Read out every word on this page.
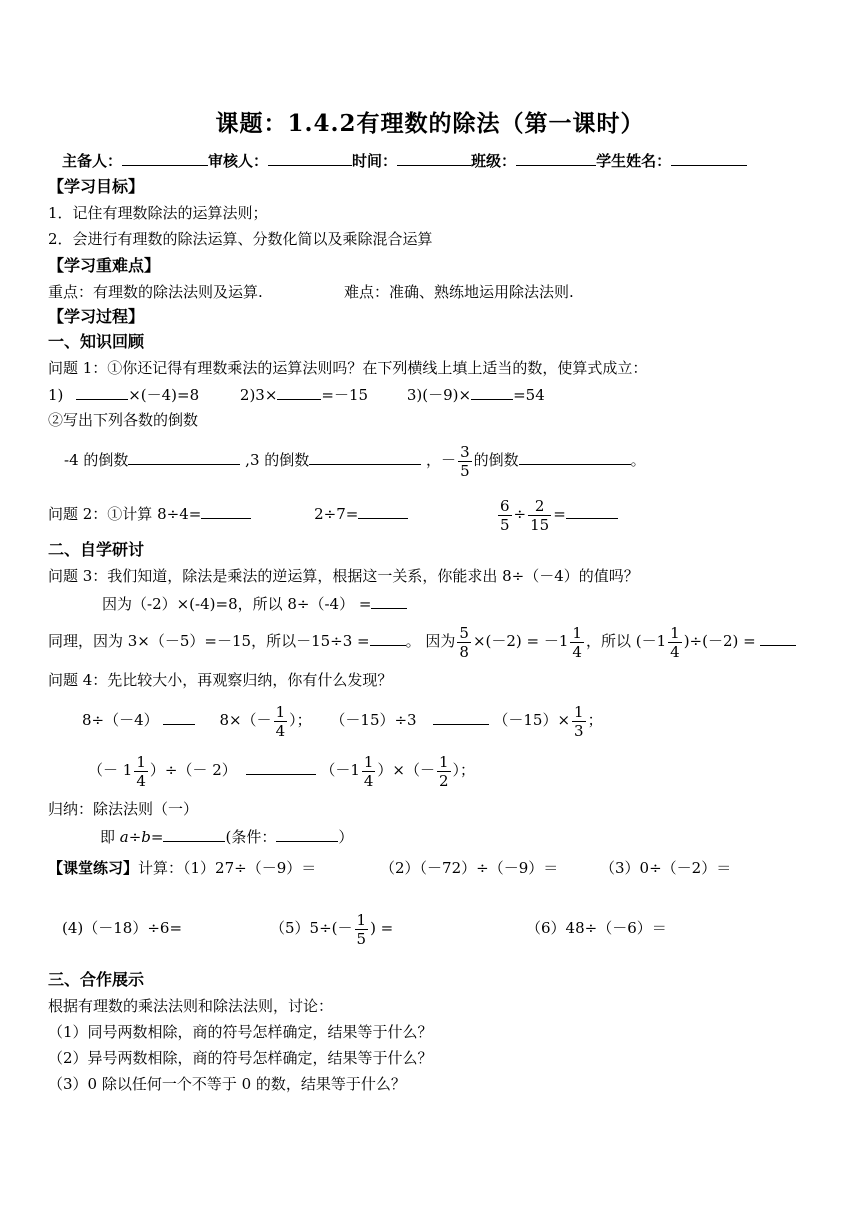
课题：1.4.2有理数的除法（第一课时）
主备人：	审核人：	时间：	班级：	学生姓名：
【学习目标】
1．记住有理数除法的运算法则；
2．会进行有理数的除法运算、分数化简以及乘除混合运算
【学习重难点】
重点：有理数的除法法则及运算.	难点：准确、熟练地运用除法法则.
【学习过程】
一、知识回顾
问题 1：①你还记得有理数乘法的运算法则吗？在下列横线上填上适当的数，使算式成立：
1)	×(－4)=8	2)3×	=－15	3)(－9)×	=54
②写出下列各数的倒数
-4 的倒数	,3 的倒数	，－ $\frac{3}{5}$ 的倒数	。
问题 2：①计算 8÷4=	2÷7=	$\frac{6}{5} \div \frac{2}{15}$ =
二、自学研讨
问题 3：我们知道，除法是乘法的逆运算，根据这一关系，你能求出 8÷（－4）的值吗？
因为（-2）×(-4)=8，所以 8÷（-4） =
同理，因为 3×（－5）=－15，所以－15÷3 = 。 因为 $\frac{5}{8} \times(-2) = -1 \frac{1}{4}$ ，所以 $(-1 \frac{1}{4} )\div(-2)$ =
问题 4：先比较大小，再观察归纳，你有什么发现？
8÷（－4）	$8\times(- \frac{1}{4}$ ）； （－15）÷3	$(-15)\times \frac{1}{3}$ ；
（－ $1 \frac{1}{4}$ ）÷（－ 2）	（$-1 \frac{1}{4}$ ）×（－ $\frac{1}{2}$ ）；
归纳：除法法则（一）
即 a÷b=	(条件：	）
【课堂练习】计算：（1）27÷（－9）＝	（2）（－72）÷（－9）＝	（3）0÷（－2）＝
(4)（－18）÷6=	$(5)5\div(- \frac{1}{5}$ ) =	（6）48÷（－6）＝
三、合作展示
根据有理数的乘法法则和除法法则，讨论：
（1）同号两数相除，商的符号怎样确定，结果等于什么？
（2）异号两数相除，商的符号怎样确定，结果等于什么？
（3）0 除以任何一个不等于 0 的数，结果等于什么？
